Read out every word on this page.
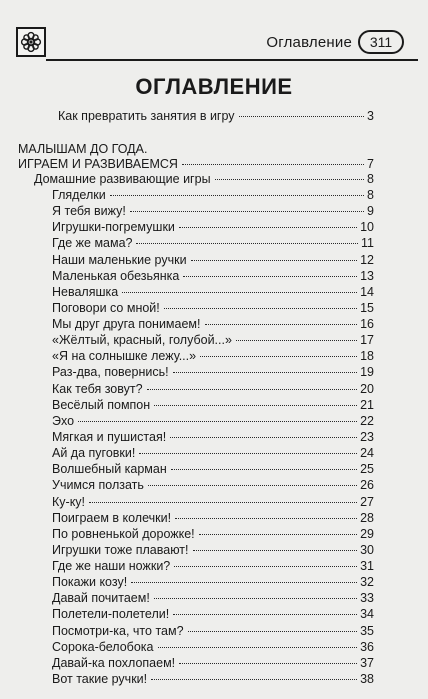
Оглавление	311
ОГЛАВЛЕНИЕ
Как превратить занятия в игру	3
МАЛЫШАМ ДО ГОДА.
ИГРАЕМ И РАЗВИВАЕМСЯ	7
Домашние развивающие игры	8
Гляделки	8
Я тебя вижу!	9
Игрушки-погремушки	10
Где же мама?	11
Наши маленькие ручки	12
Маленькая обезьянка	13
Неваляшка	14
Поговори со мной!	15
Мы друг друга понимаем!	16
«Жёлтый, красный, голубой...»	17
«Я на солнышке лежу...»	18
Раз-два, повернись!	19
Как тебя зовут?	20
Весёлый помпон	21
Эхо	22
Мягкая и пушистая!	23
Ай да пуговки!	24
Волшебный карман	25
Учимся ползать	26
Ку-ку!	27
Поиграем в колечки!	28
По ровненькой дорожке!	29
Игрушки тоже плавают!	30
Где же наши ножки?	31
Покажи козу!	32
Давай почитаем!	33
Полетели-полетели!	34
Посмотри-ка, что там?	35
Сорока-белобока	36
Давай-ка похлопаем!	37
Вот такие ручки!	38
